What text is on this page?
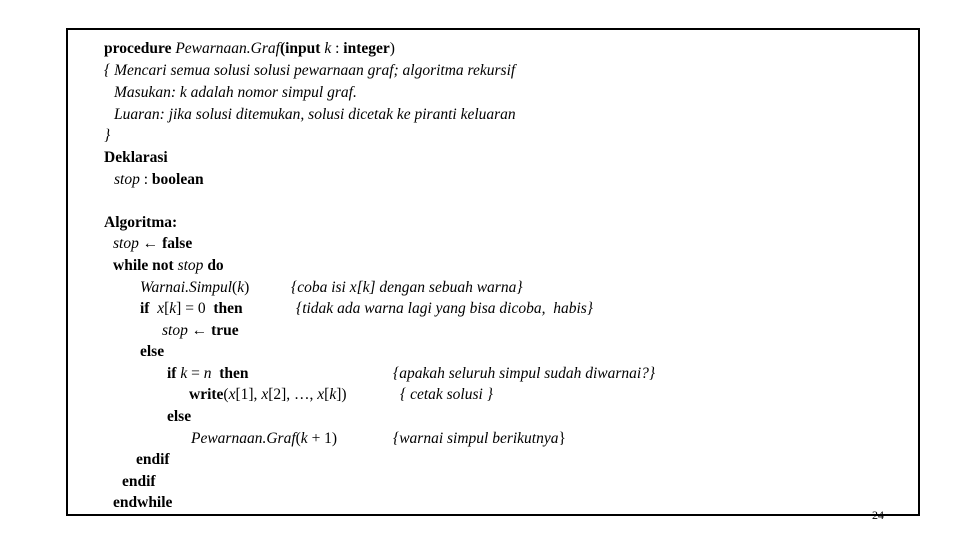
procedure Pewarnaan.Graf(input k : integer)
{ Mencari semua solusi solusi pewarnaan graf; algoritma rekursif
Masukan: k adalah nomor simpul graf.
Luaran: jika solusi ditemukan, solusi dicetak ke piranti keluaran
}
Deklarasi
stop : boolean
Algoritma:
stop ← false
while not stop do
Warnai.Simpul(k)	{coba isi x[k] dengan sebuah warna}
if  x[k] = 0  then	{tidak ada warna lagi yang bisa dicoba,  habis}
stop ← true
else
if k = n  then	{apakah seluruh simpul sudah diwarnai?}
write(x[1], x[2], …, x[k])	{ cetak solusi }
else
Pewarnaan.Graf(k + 1)	{warnai simpul berikutnya}
endif
endif
endwhile
24
